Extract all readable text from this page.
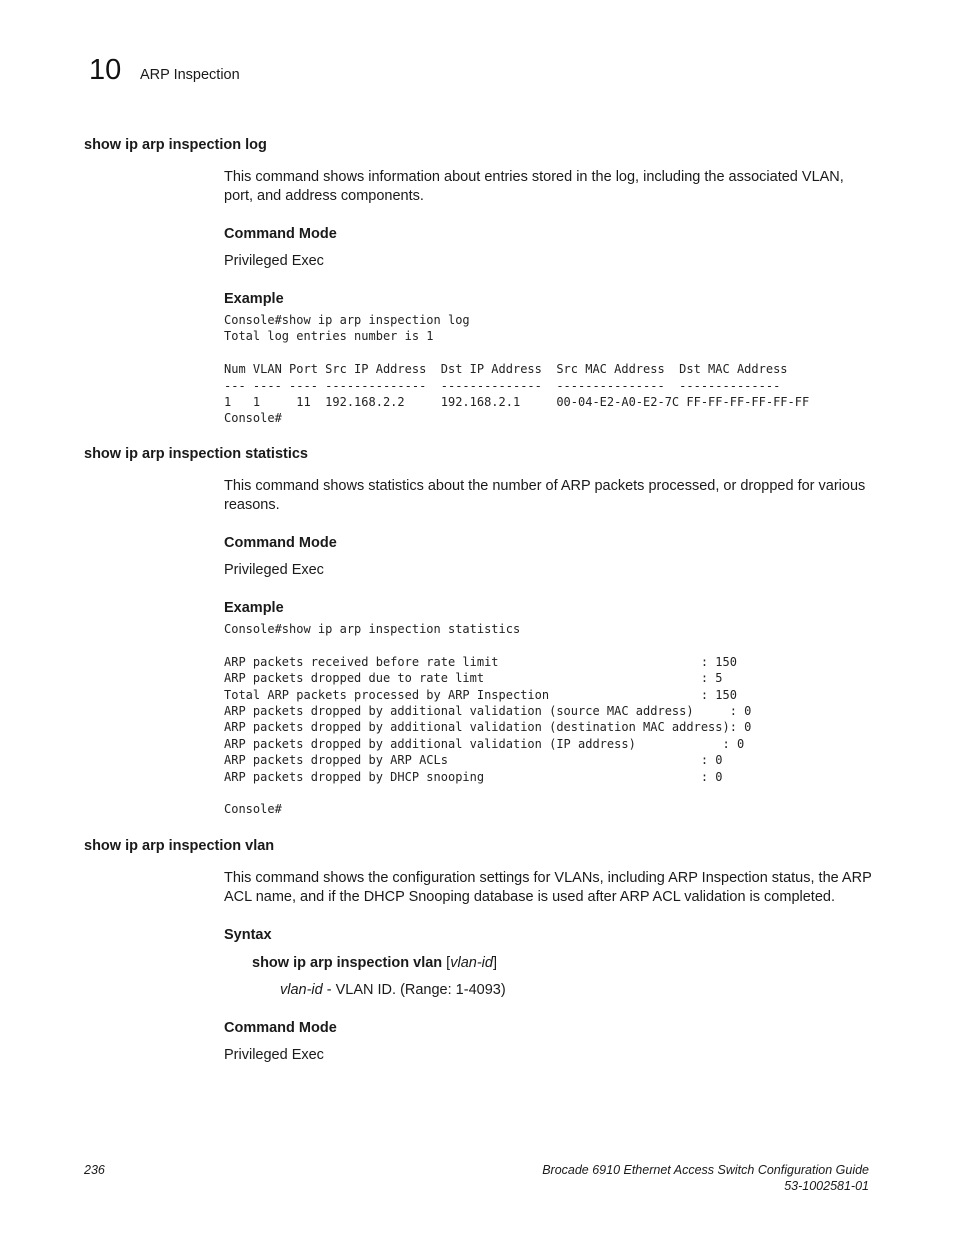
10 ARP Inspection
show ip arp inspection log
This command shows information about entries stored in the log, including the associated VLAN, port, and address components.
Command Mode
Privileged Exec
Example
Console#show ip arp inspection log
Total log entries number is 1

Num VLAN Port Src IP Address  Dst IP Address  Src MAC Address  Dst MAC Address
--- ---- ---- --------------  --------------  ---------------  --------------
1   1     11  192.168.2.2     192.168.2.1     00-04-E2-A0-E2-7C FF-FF-FF-FF-FF-FF
Console#
show ip arp inspection statistics
This command shows statistics about the number of ARP packets processed, or dropped for various reasons.
Command Mode
Privileged Exec
Example
Console#show ip arp inspection statistics

ARP packets received before rate limit                            : 150
ARP packets dropped due to rate limt                              : 5
Total ARP packets processed by ARP Inspection                     : 150
ARP packets dropped by additional validation (source MAC address)     : 0
ARP packets dropped by additional validation (destination MAC address): 0
ARP packets dropped by additional validation (IP address)            : 0
ARP packets dropped by ARP ACLs                                   : 0
ARP packets dropped by DHCP snooping                              : 0

Console#
show ip arp inspection vlan
This command shows the configuration settings for VLANs, including ARP Inspection status, the ARP ACL name, and if the DHCP Snooping database is used after ARP ACL validation is completed.
Syntax
show ip arp inspection vlan [vlan-id]
vlan-id - VLAN ID. (Range: 1-4093)
Command Mode
Privileged Exec
236	Brocade 6910 Ethernet Access Switch Configuration Guide
53-1002581-01
